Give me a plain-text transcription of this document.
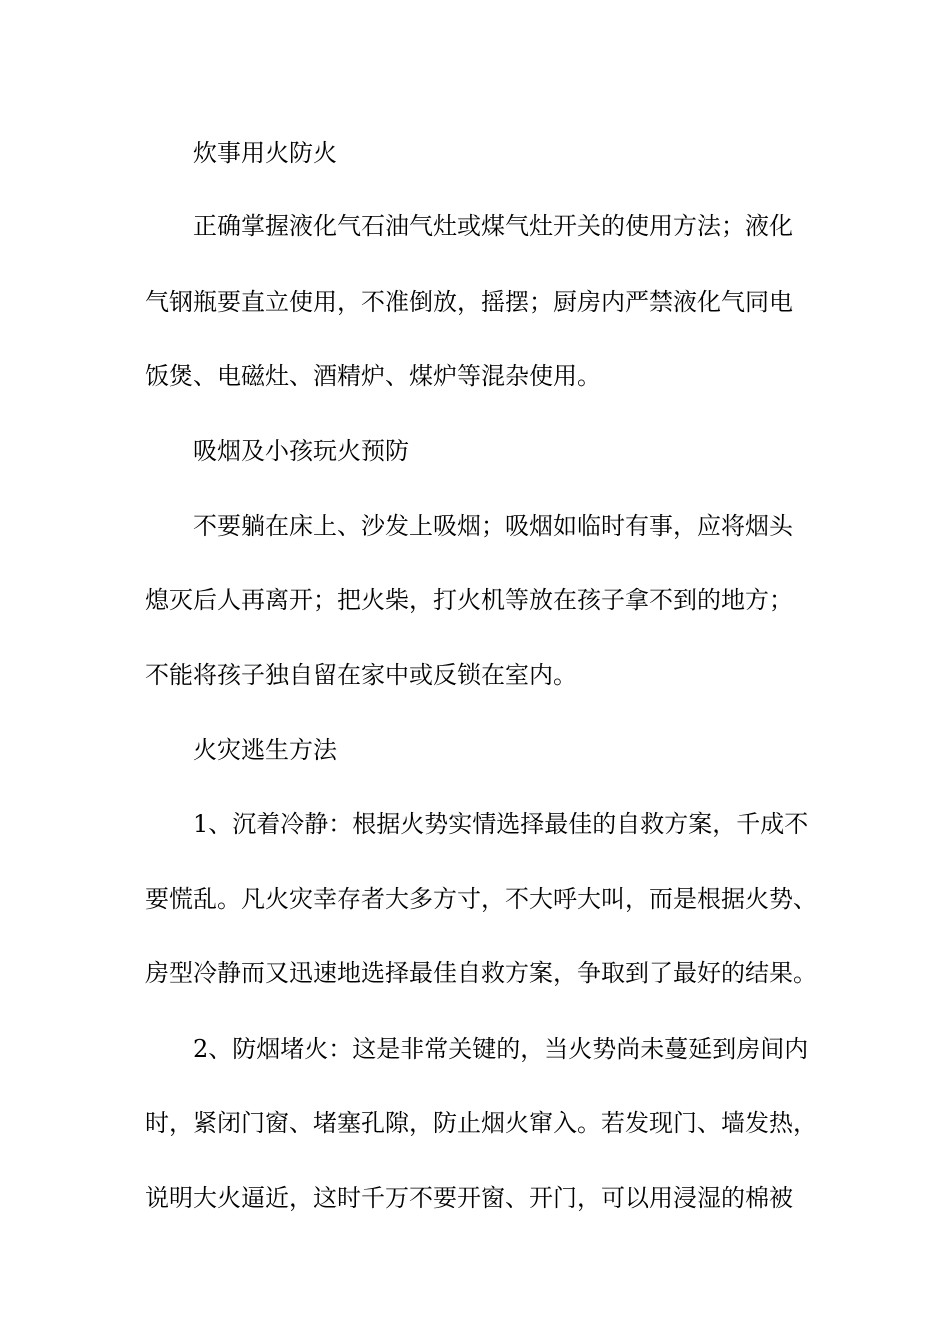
炊事用火防火

正确掌握液化气石油气灶或煤气灶开关的使用方法；液化

气钢瓶要直立使用，不准倒放，摇摆；厨房内严禁液化气同电

饭煲、电磁灶、酒精炉、煤炉等混杂使用。

吸烟及小孩玩火预防

不要躺在床上、沙发上吸烟；吸烟如临时有事，应将烟头

熄灭后人再离开；把火柴，打火机等放在孩子拿不到的地方；

不能将孩子独自留在家中或反锁在室内。

火灾逃生方法

1、沉着冷静：根据火势实情选择最佳的自救方案，千成不

要慌乱。凡火灾幸存者大多方寸，不大呼大叫，而是根据火势、

房型冷静而又迅速地选择最佳自救方案，争取到了最好的结果。

2、防烟堵火：这是非常关键的，当火势尚未蔓延到房间内

时，紧闭门窗、堵塞孔隙，防止烟火窜入。若发现门、墙发热，

说明大火逼近，这时千万不要开窗、开门，可以用浸湿的棉被
